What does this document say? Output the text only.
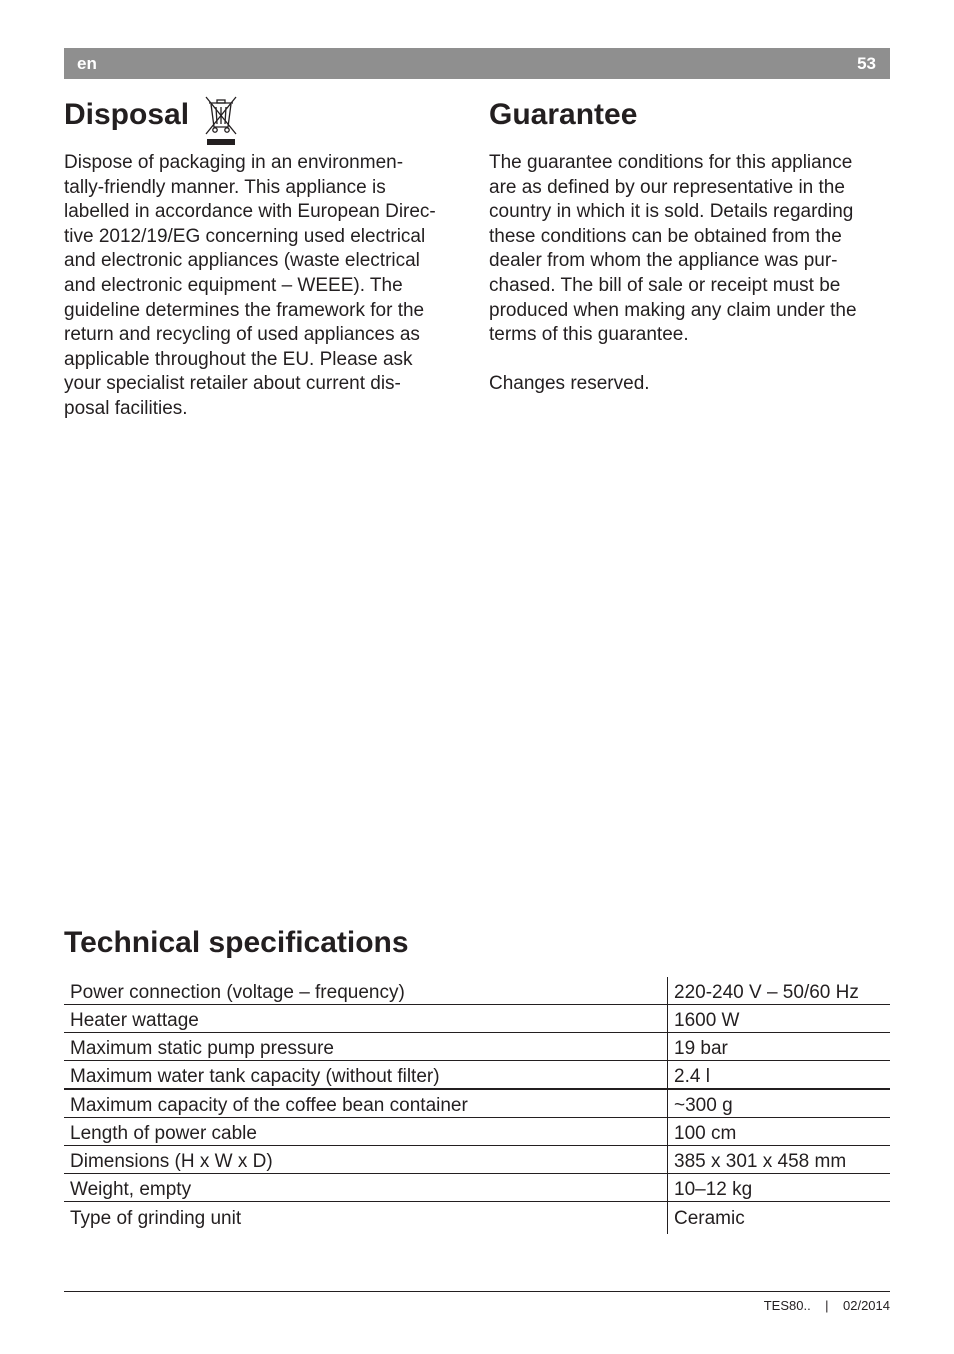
en	53
Disposal

Dispose of packaging in an environmen-
tally-friendly manner. This appliance is
labelled in accordance with European Direc-
tive 2012/19/EG concerning used electrical
and electronic appliances (waste electrical
and electronic equipment – WEEE). The
guideline determines the framework for the
return and recycling of used appliances as
applicable throughout the EU. Please ask
your specialist retailer about current dis-
posal facilities.

Guarantee

The guarantee conditions for this appliance
are as defined by our representative in the
country in which it is sold. Details regarding
these conditions can be obtained from the
dealer from whom the appliance was pur-
chased. The bill of sale or receipt must be
produced when making any claim under the
terms of this guarantee.

Changes reserved.

Technical specifications
Power connection (voltage – frequency)	220-240 V – 50/60 Hz
Heater wattage	1600 W
Maximum static pump pressure	19 bar
Maximum water tank capacity (without filter)	2.4 l
Maximum capacity of the coffee bean container	~300 g
Length of power cable	100 cm
Dimensions (H x W x D)	385 x 301 x 458 mm
Weight, empty	10–12 kg
Type of grinding unit	Ceramic
TES80.. | 02/2014
